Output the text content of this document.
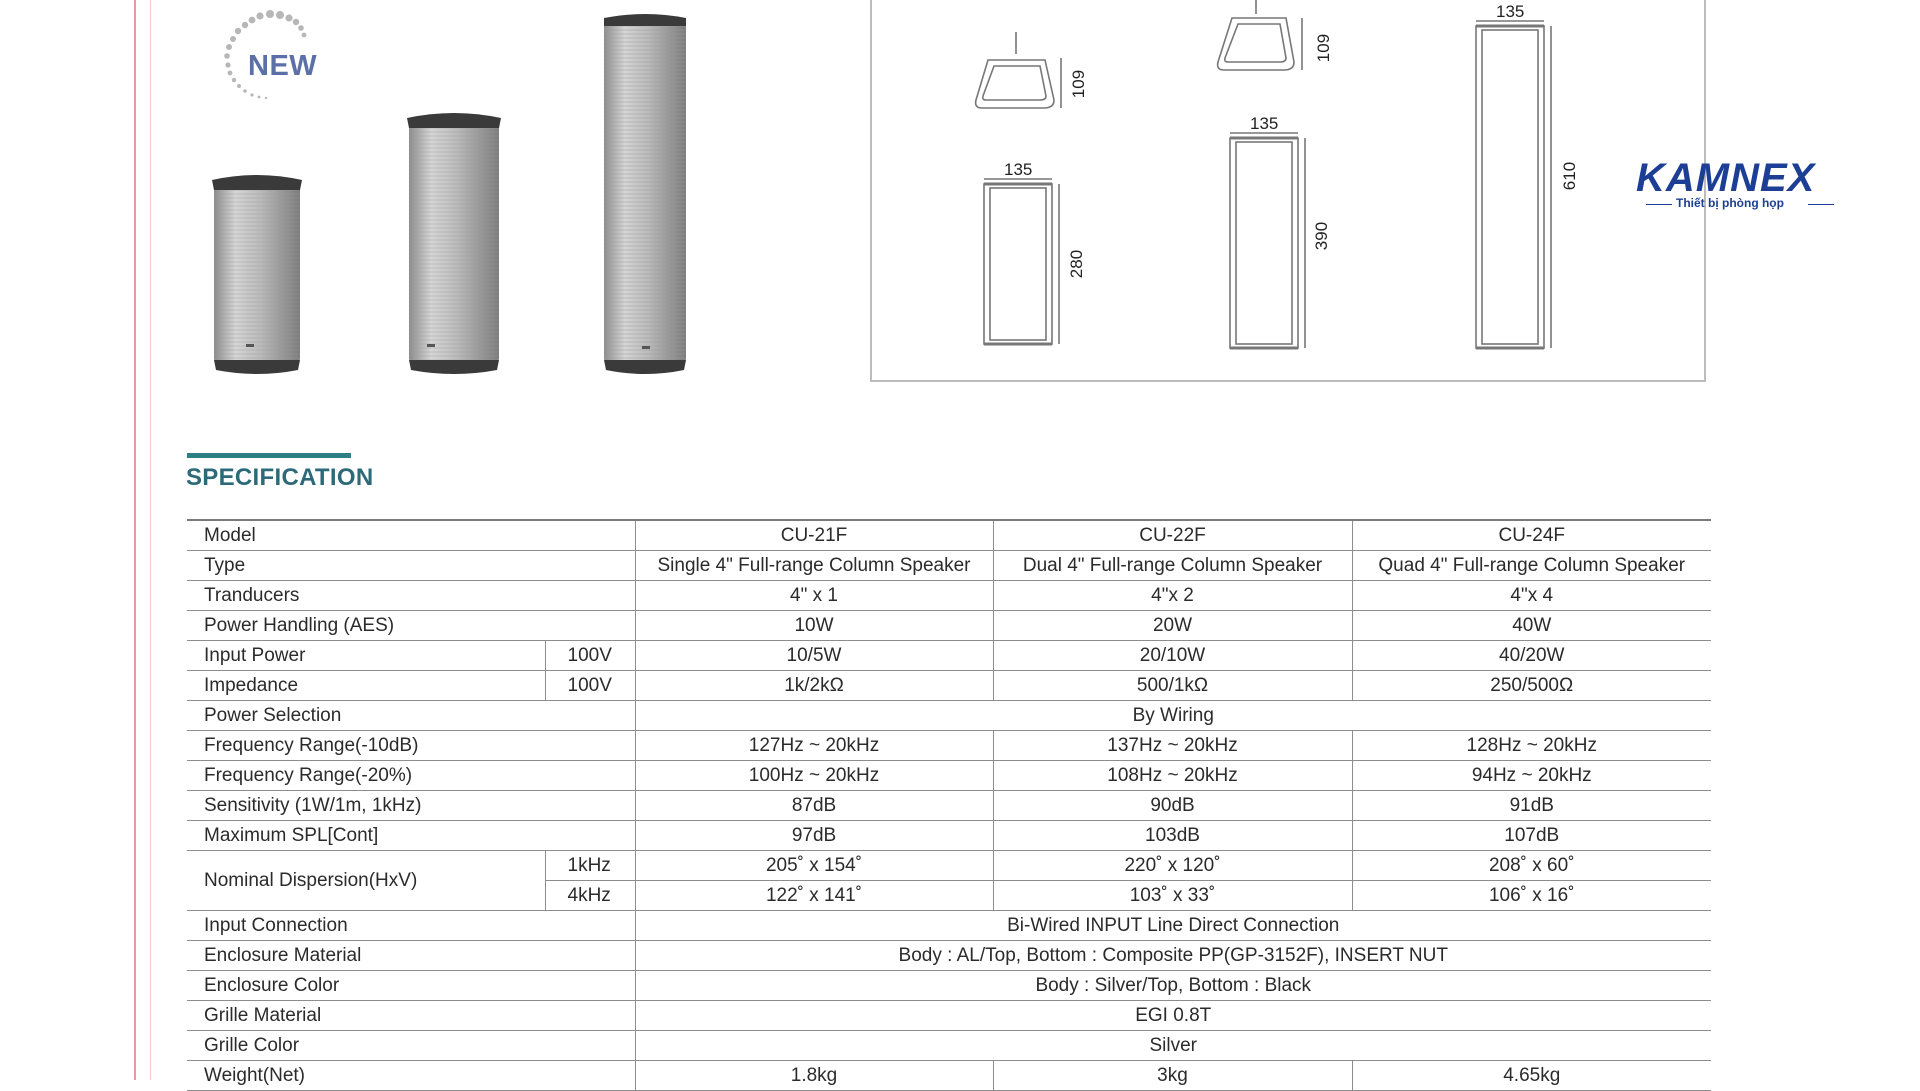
NEW
135
280
109
135
390
109
135
610 KAMNEX
Thiết bị phòng họp
SPECIFICATION
Model		CU-21F	CU-22F	CU-24F
Type		Single 4" Full-range Column Speaker	Dual 4" Full-range Column Speaker	Quad 4" Full-range Column Speaker
Tranducers		4" x 1	4"x 2	4"x 4
Power Handling (AES)		10W	20W	40W
Input Power	100V	10/5W	20/10W	40/20W
Impedance	100V	1k/2kΩ	500/1kΩ	250/500Ω
Power Selection		By Wiring		
Frequency Range(-10dB)		127Hz ~ 20kHz	137Hz ~ 20kHz	128Hz ~ 20kHz
Frequency Range(-20%)		100Hz ~ 20kHz	108Hz ~ 20kHz	94Hz ~ 20kHz
Sensitivity (1W/1m, 1kHz)		87dB	90dB	91dB
Maximum SPL[Cont]		97dB	103dB	107dB
Nominal Dispersion(HxV)	1kHz	205˚ x 154˚	220˚ x 120˚	208˚ x 60˚
	4kHz	122˚ x 141˚	103˚ x 33˚	106˚ x 16˚
Input Connection		Bi-Wired INPUT Line Direct Connection		
Enclosure Material		Body : AL/Top, Bottom : Composite PP(GP-3152F), INSERT NUT		
Enclosure Color		Body : Silver/Top, Bottom : Black		
Grille Material		EGI 0.8T		
Grille Color		Silver		
Weight(Net)		1.8kg	3kg	4.65kg
